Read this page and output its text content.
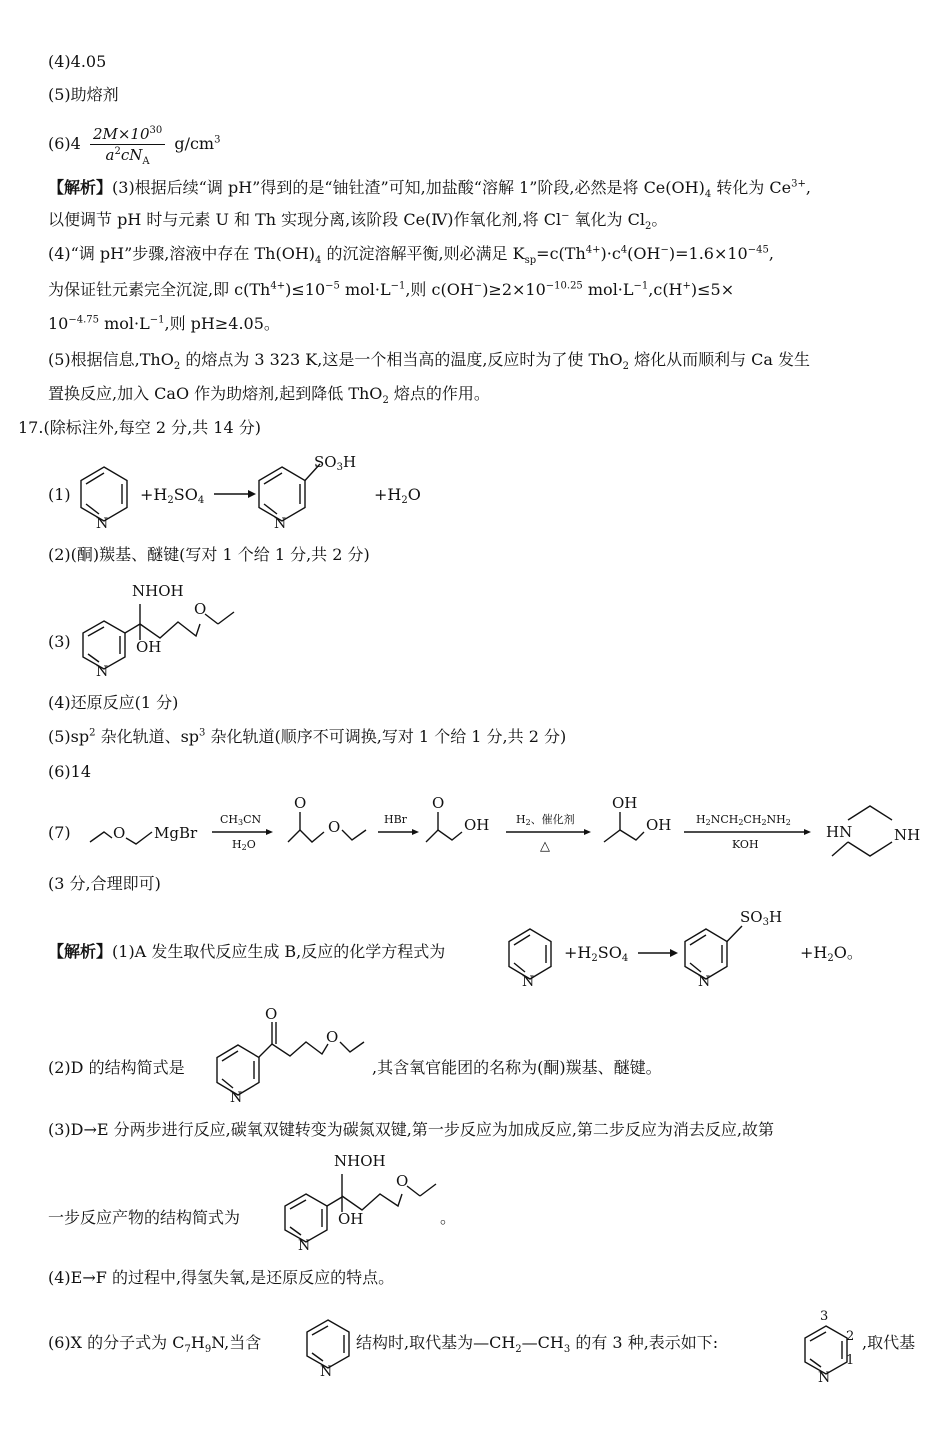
(4)4.05
(5)助熔剂
$(6)4 \frac{2M\times 10^{30}}{a^2cN_A} g/cm^3$
【解析】(3)根据后续“调 pH”得到的是“铀钍渣”可知,加盐酸“溶解 1”阶段,必然是将 $Ce(OH)_4$ 转化为 $Ce^{3+}$,
以便调节 pH 时与元素 U 和 Th 实现分离,该阶段 Ce(Ⅳ)作氧化剂,将 Cl− 氧化为 $Cl_2$。
(4)“调 pH”步骤,溶液中存在 $Th(OH)_4$ 的沉淀溶解平衡,则必满足 $K_{sp}=c(Th^{4+})\cdot c^4(OH^-)=1.6\times 10^{-45}$,
为保证钍元素完全沉淀,即 $c(Th^{4+})\le 10^{-5}$ $mol\cdot L^{-1}$,则 $c(OH^-)\ge 2\times 10^{-10.25}$ $mol\cdot L^{-1},c(H^+)\le 5\times$
$10^{-4.75}$ $mol\cdot L^{-1}$,则 pH≥4.05。
(5)根据信息,ThO$_2$ 的熔点为 3 323 K,这是一个相当高的温度,反应时为了使 ThO$_2$ 熔化从而顺利与 Ca 发生
置换反应,加入 CaO 作为助熔剂,起到降低 ThO$_2$ 熔点的作用。
17.(除标注外,每空 2 分,共 14 分)
(1)
N
+H2SO4
N
$SO_3H$
+H2O
(2)(酮)羰基、醚键(写对 1 个给 1 分,共 2 分)
(3)
N
NHOH
OH
O
(4)还原反应(1 分)
$(5)sp^2$ 杂化轨道、$sp^3$ 杂化轨道(顺序不可调换,写对 1 个给 1 分,共 2 分)
(6)14
(7)	O MgBr
CH3CN
H2O
O
O	HBr
O
OH H2、催化剂
△
OH
OH H2NCH2CH2NH2
KOH
HN	NH
(3 分,合理即可)
【解析】(1)A 发生取代反应生成 B,反应的化学方程式为
N
+H2SO4
N
$SO_3H$
+H2O。
(2)D 的结构简式是	,其含氧官能团的名称为(酮)羰基、醚键。
N
O
O
(3)D→E 分两步进行反应,碳氧双键转变为碳氮双键,第一步反应为加成反应,第二步反应为消去反应,故第
一步反应产物的结构简式为	。
N
NHOH
OH
O
(4)E→F 的过程中,得氢失氧,是还原反应的特点。
(6)X 的分子式为 $C_7H_9N$,当含	结构时,取代基为$—CH_2—CH_3$ 的有 3 种,表示如下:	,取代基
N	N
3
2
1
